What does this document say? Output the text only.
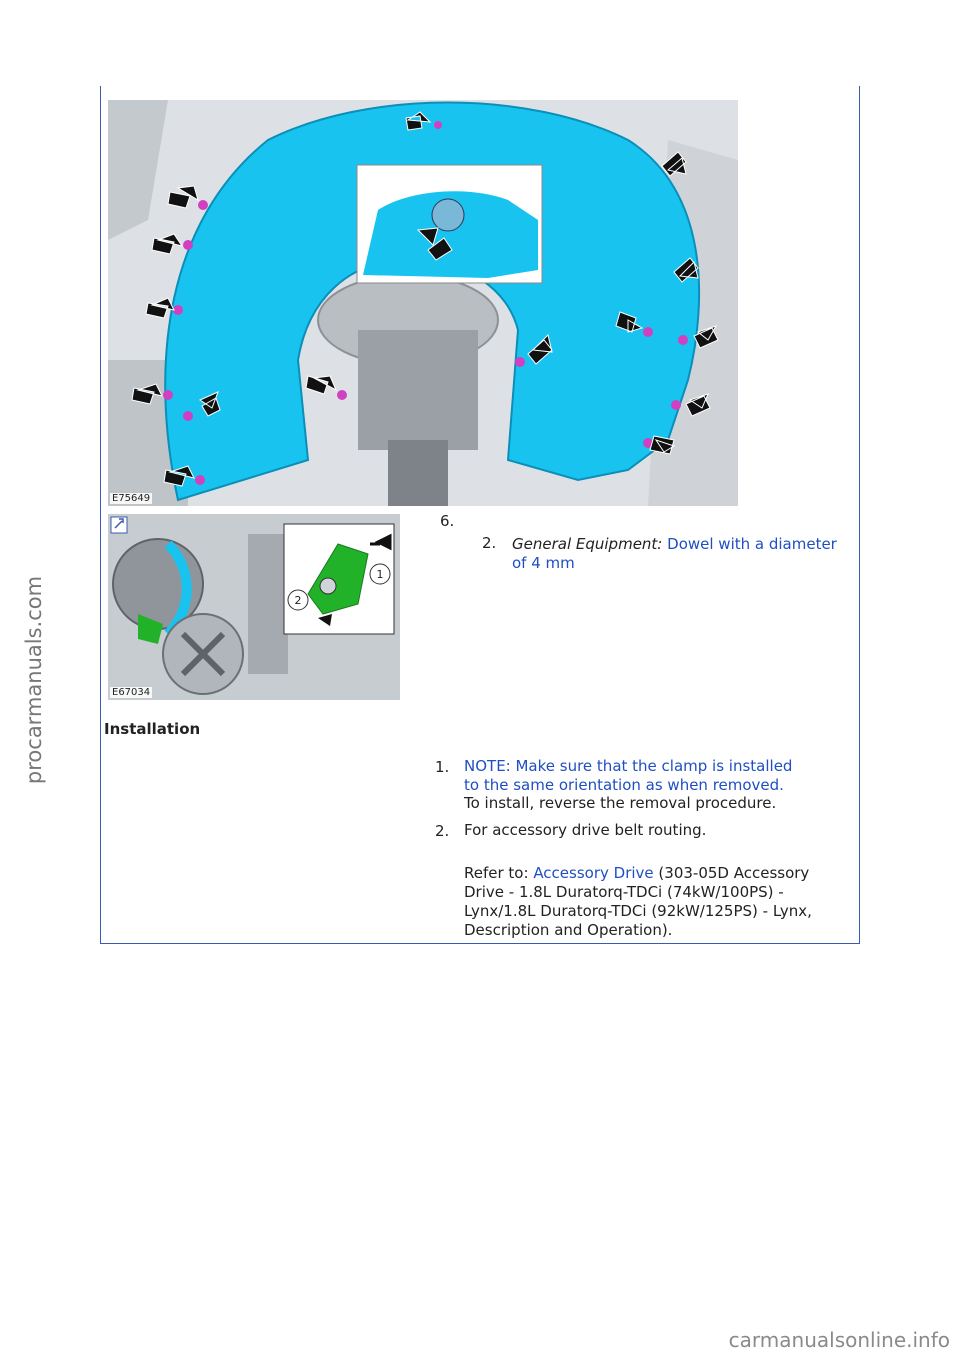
E75649
1
2
E67034
6.
2. General Equipment: Dowel with a diameter
of 4 mm
Installation
1. NOTE: Make sure that the clamp is installed
to the same orientation as when removed.
To install, reverse the removal procedure.
2. For accessory drive belt routing.
Refer to: Accessory Drive (303-05D Accessory
Drive - 1.8L Duratorq-TDCi (74kW/100PS) -
Lynx/1.8L Duratorq-TDCi (92kW/125PS) - Lynx,
Description and Operation).
procarmanuals.com
carmanualsonline.info
